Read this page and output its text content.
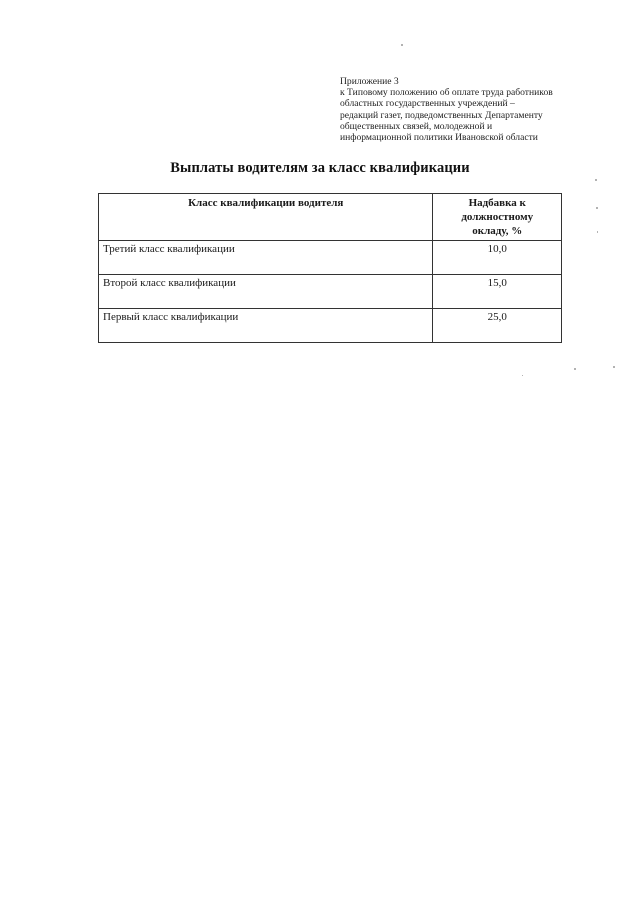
Приложение 3
к Типовому положению об оплате труда работников
областных государственных учреждений –
редакций газет, подведомственных Департаменту
общественных связей, молодежной и
информационной политики Ивановской области
Выплаты водителям за класс квалификации
Класс квалификации водителя	Надбавка к
должностному
окладу, %

Третий класс квалификации	10,0
Второй класс квалификации	15,0
Первый класс квалификации	25,0
